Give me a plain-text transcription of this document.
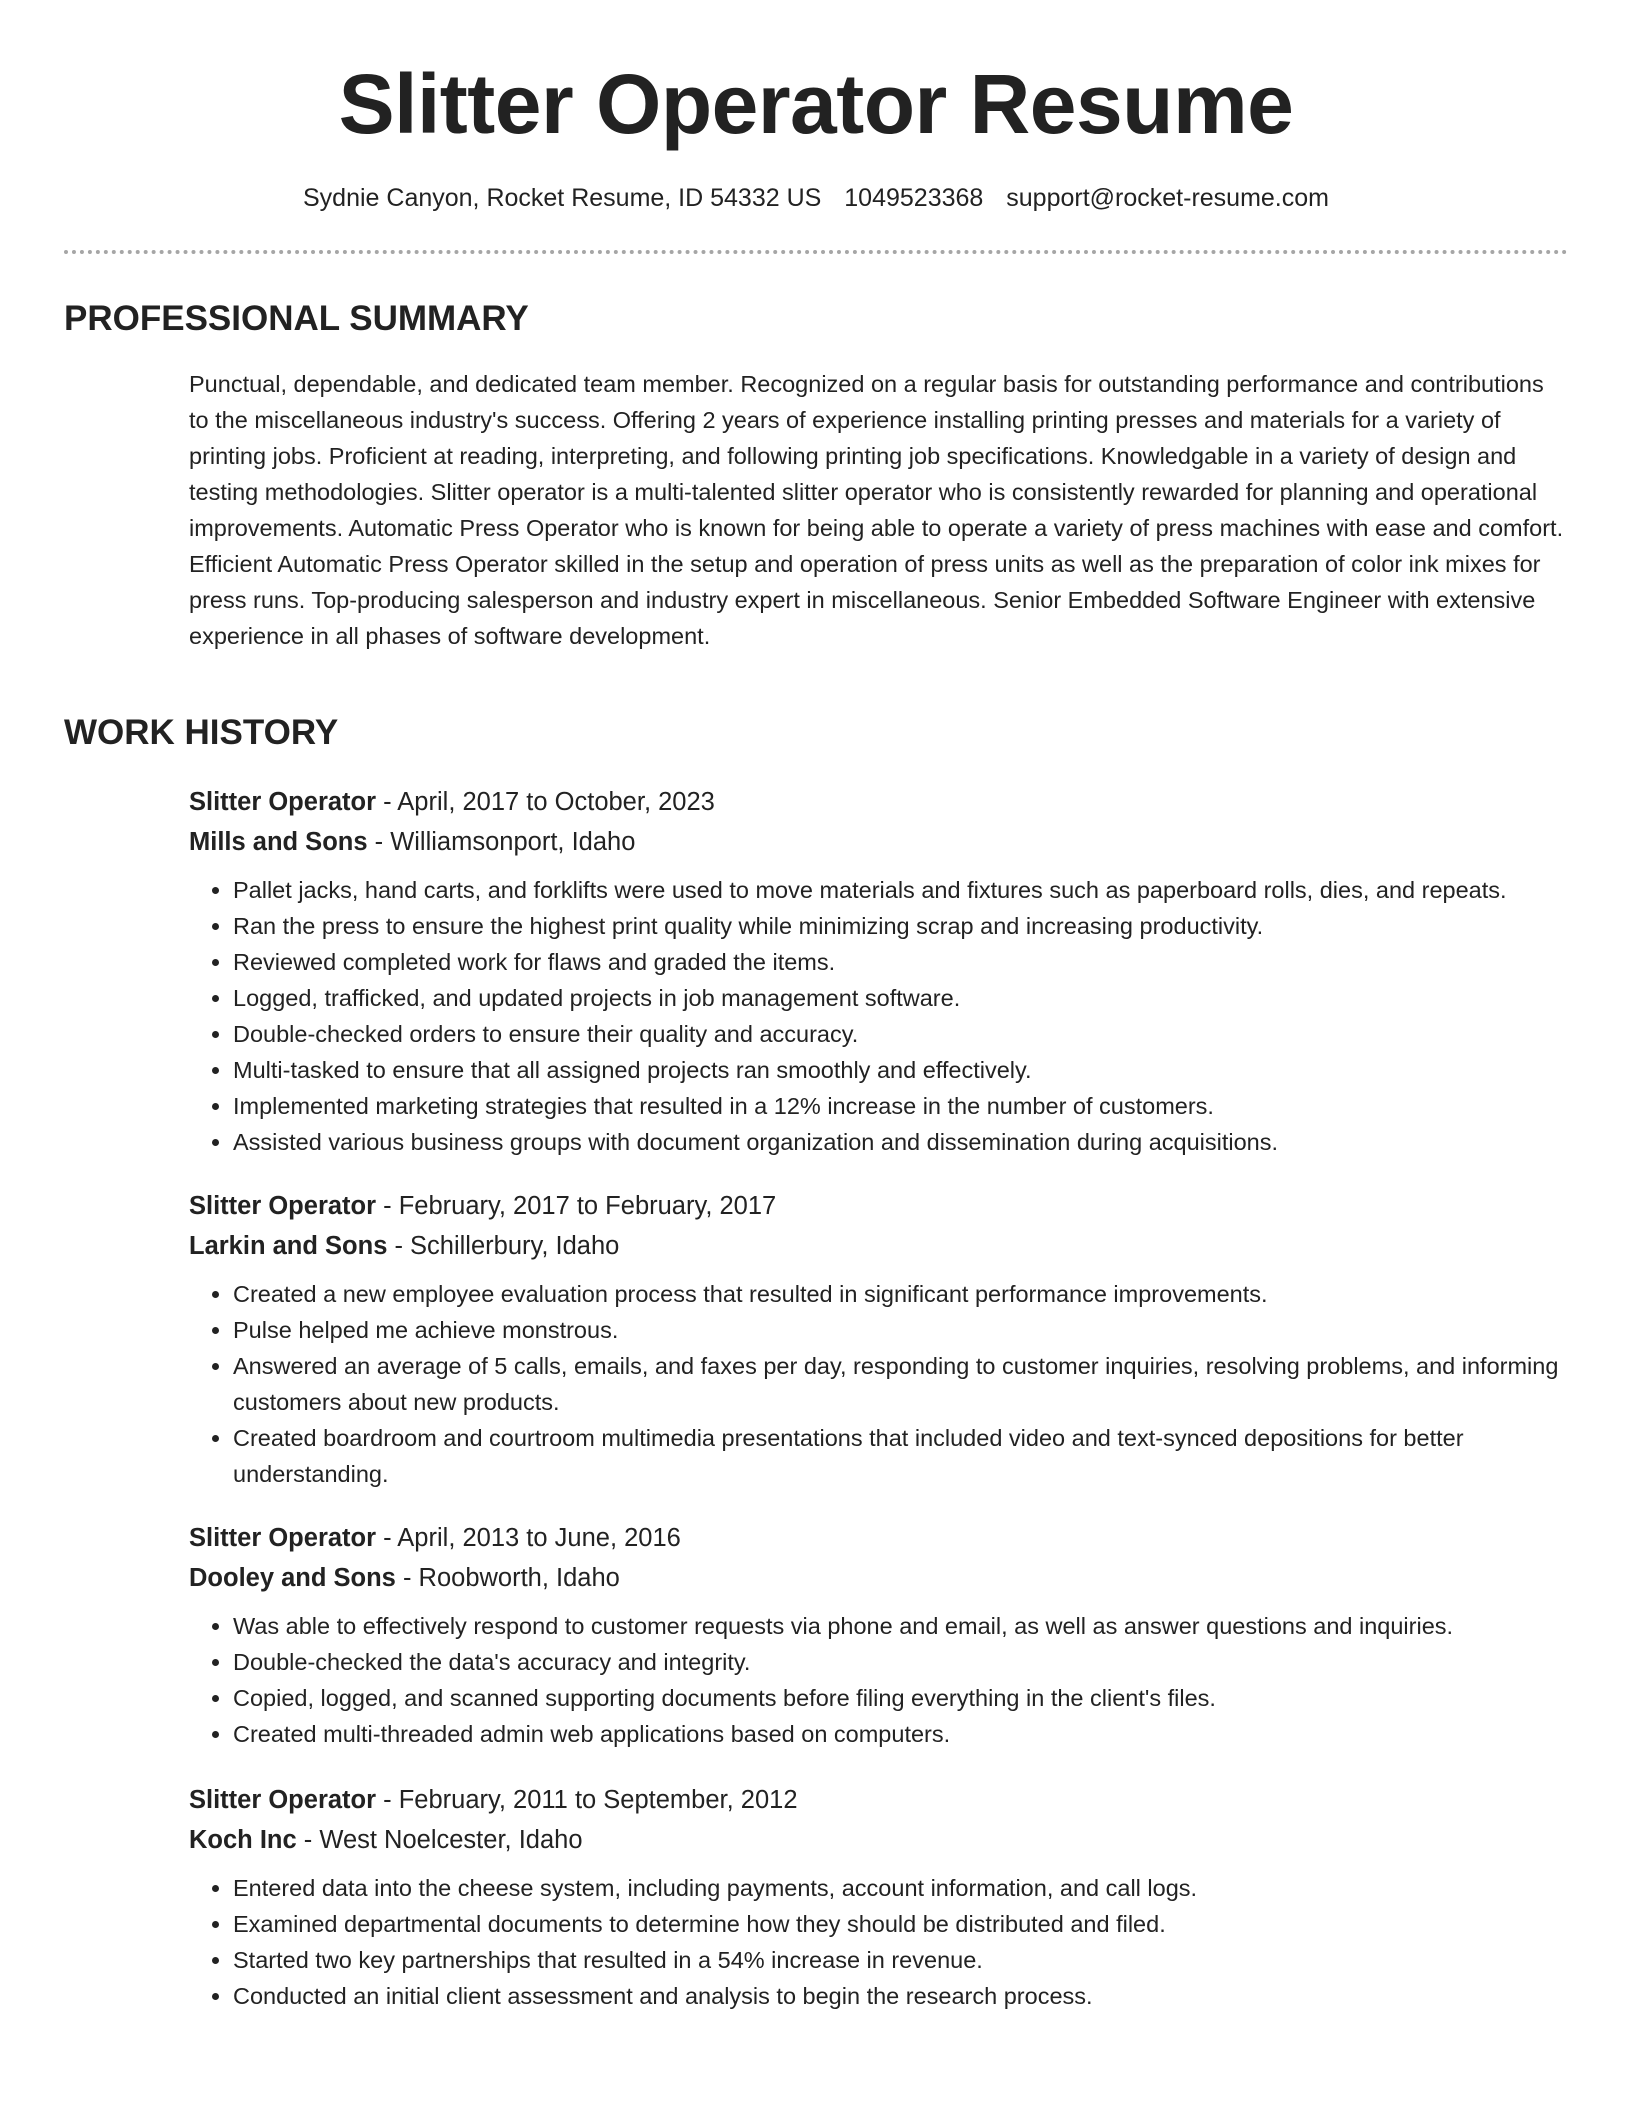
Slitter Operator Resume
Sydnie Canyon, Rocket Resume, ID 54332 US 1049523368 support@rocket-resume.com
PROFESSIONAL SUMMARY

Punctual, dependable, and dedicated team member. Recognized on a regular basis for outstanding performance and contributions to the miscellaneous industry's success. Offering 2 years of experience installing printing presses and materials for a variety of printing jobs. Proficient at reading, interpreting, and following printing job specifications. Knowledgable in a variety of design and testing methodologies. Slitter operator is a multi-talented slitter operator who is consistently rewarded for planning and operational improvements. Automatic Press Operator who is known for being able to operate a variety of press machines with ease and comfort. Efficient Automatic Press Operator skilled in the setup and operation of press units as well as the preparation of color ink mixes for press runs. Top-producing salesperson and industry expert in miscellaneous. Senior Embedded Software Engineer with extensive experience in all phases of software development.

WORK HISTORY

Slitter Operator - April, 2017 to October, 2023

Mills and Sons - Williamsonport, Idaho

• Pallet jacks, hand carts, and forklifts were used to move materials and fixtures such as paperboard rolls, dies, and repeats.
• Ran the press to ensure the highest print quality while minimizing scrap and increasing productivity.
• Reviewed completed work for flaws and graded the items.
• Logged, trafficked, and updated projects in job management software.
• Double-checked orders to ensure their quality and accuracy.
• Multi-tasked to ensure that all assigned projects ran smoothly and effectively.
• Implemented marketing strategies that resulted in a 12% increase in the number of customers.
• Assisted various business groups with document organization and dissemination during acquisitions.

Slitter Operator - February, 2017 to February, 2017

Larkin and Sons - Schillerbury, Idaho

• Created a new employee evaluation process that resulted in significant performance improvements.
• Pulse helped me achieve monstrous.
• Answered an average of 5 calls, emails, and faxes per day, responding to customer inquiries, resolving problems, and informing customers about new products.
• Created boardroom and courtroom multimedia presentations that included video and text-synced depositions for better understanding.

Slitter Operator - April, 2013 to June, 2016

Dooley and Sons - Roobworth, Idaho

• Was able to effectively respond to customer requests via phone and email, as well as answer questions and inquiries.
• Double-checked the data's accuracy and integrity.
• Copied, logged, and scanned supporting documents before filing everything in the client's files.
• Created multi-threaded admin web applications based on computers.

Slitter Operator - February, 2011 to September, 2012

Koch Inc - West Noelcester, Idaho

• Entered data into the cheese system, including payments, account information, and call logs.
• Examined departmental documents to determine how they should be distributed and filed.
• Started two key partnerships that resulted in a 54% increase in revenue.
• Conducted an initial client assessment and analysis to begin the research process.
